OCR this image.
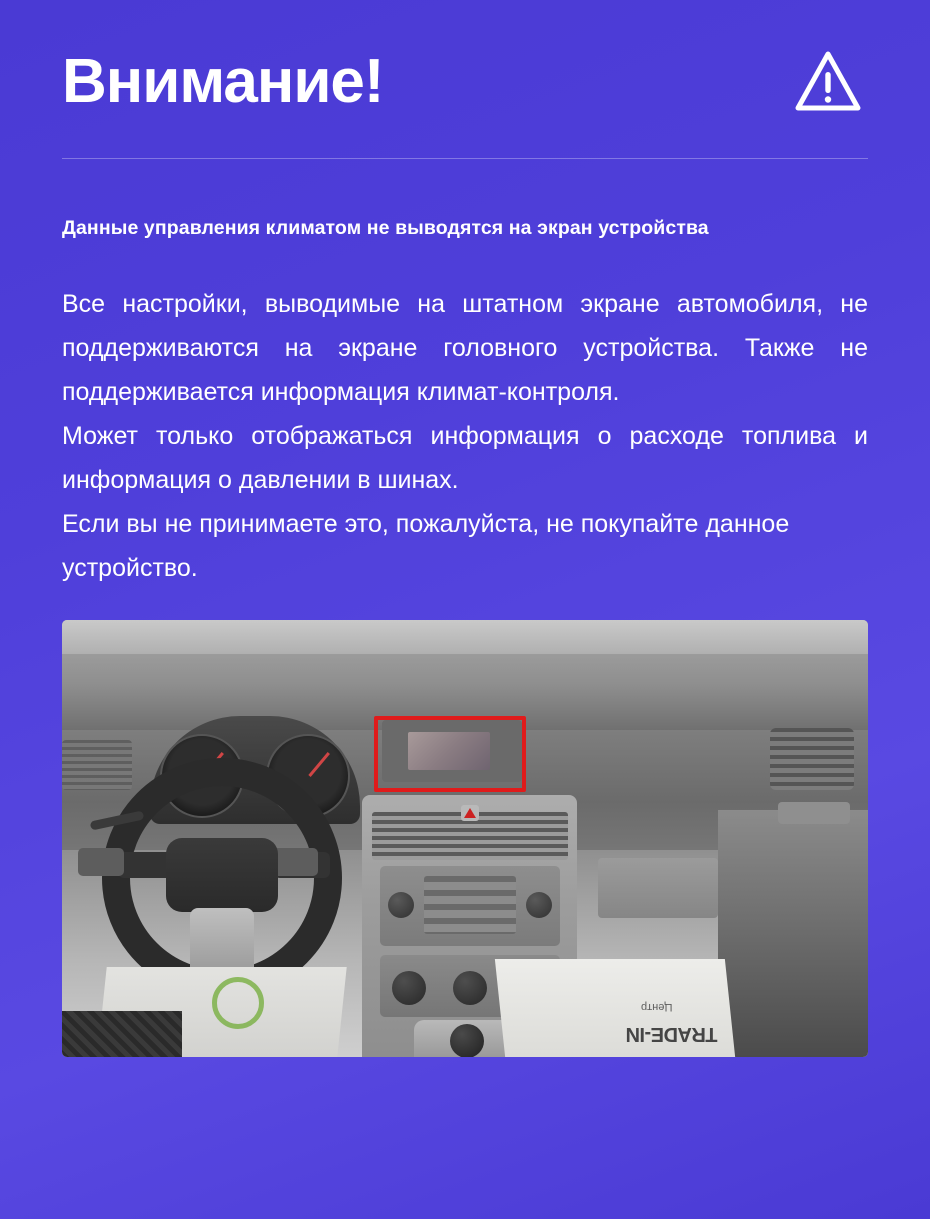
Внимание!
Данные управления климатом не выводятся на экран устройства

Все настройки, выводимые на штатном экране автомобиля, не поддерживаются на экране головного устройства. Также не поддерживается информация климат-контроля.

Может только отображаться информация о расходе топлива и информация о давлении в шинах.

Если вы не принимаете это, пожалуйста, не покупайте данное устройство.

TRADE-IN
Центр
